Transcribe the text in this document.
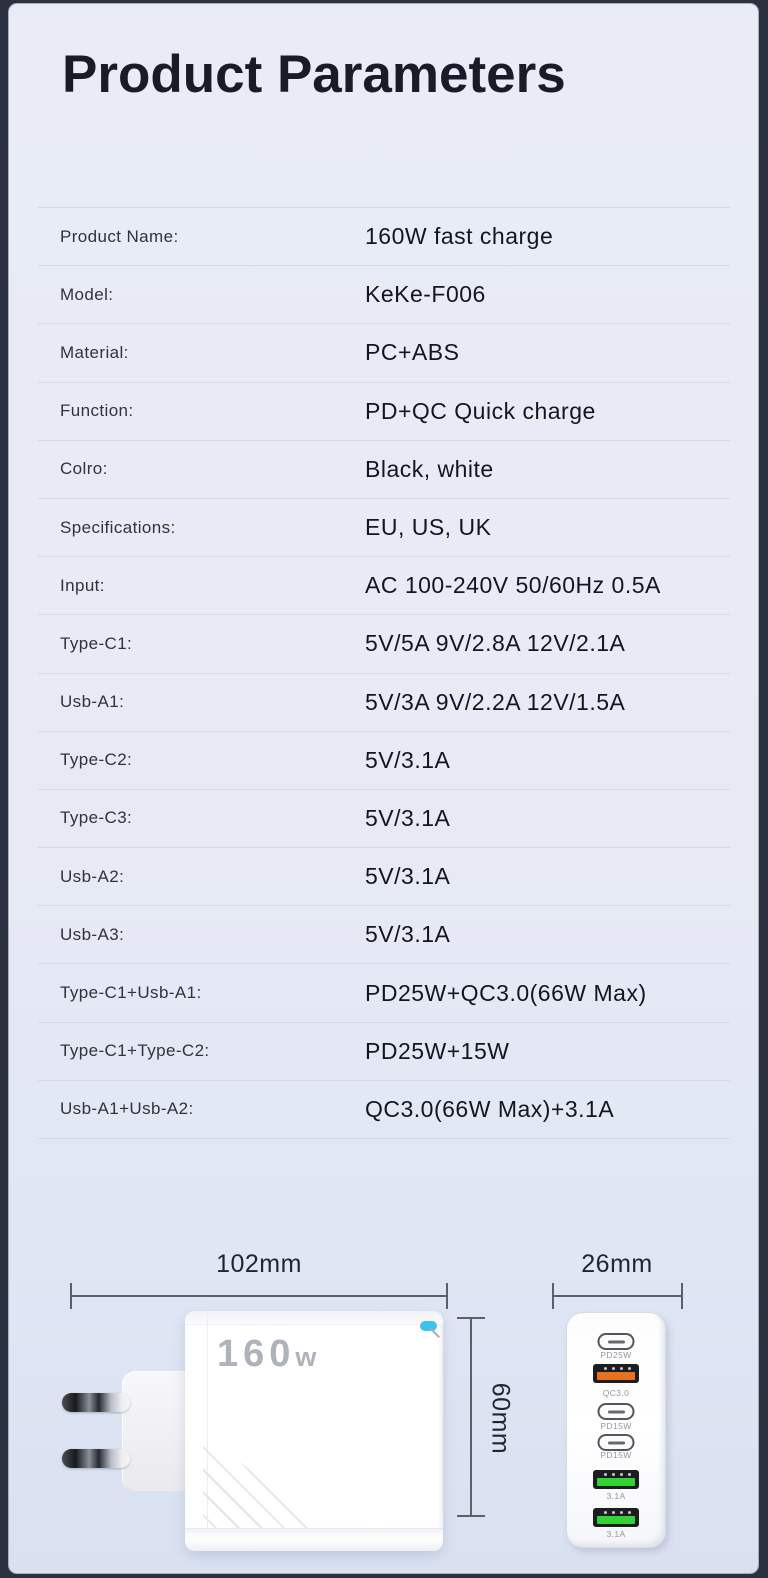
Product Parameters
Product Name:	160W fast charge
Model:	KeKe-F006
Material:	PC+ABS
Function:	PD+QC Quick charge
Colro:	Black, white
Specifications:	EU, US, UK
Input:	AC 100-240V 50/60Hz 0.5A
Type-C1:	5V/5A 9V/2.8A 12V/2.1A
Usb-A1:	5V/3A 9V/2.2A 12V/1.5A
Type-C2:	5V/3.1A
Type-C3:	5V/3.1A
Usb-A2:	5V/3.1A
Usb-A3:	5V/3.1A
Type-C1+Usb-A1:	PD25W+QC3.0(66W Max)
Type-C1+Type-C2:	PD25W+15W
Usb-A1+Usb-A2:	QC3.0(66W Max)+3.1A
102mm	26mm
60mm
160w	PD25W
QC3.0
PD15W
PD15W
3.1A
3.1A
